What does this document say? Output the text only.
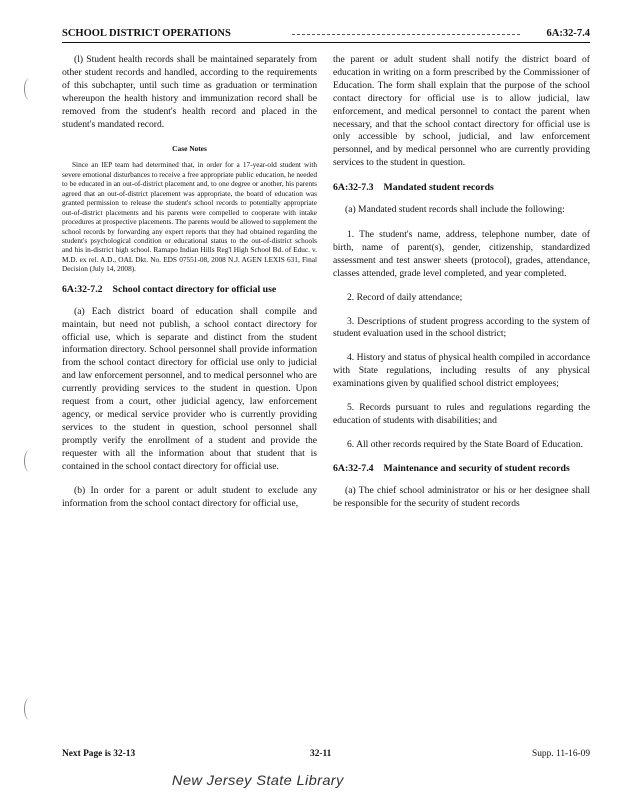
SCHOOL DISTRICT OPERATIONS	6A:32-7.4

(l) Student health records shall be maintained separately from other student records and handled, according to the requirements of this subchapter, until such time as graduation or termination whereupon the health history and immunization record shall be removed from the student's health record and placed in the student's mandated record.

Case Notes

Since an IEP team had determined that, in order for a 17-year-old student with severe emotional disturbances to receive a free appropriate public education, he needed to be educated in an out-of-district placement and, to one degree or another, his parents agreed that an out-of-district placement was appropriate, the board of education was granted permission to release the student's school records to potentially appropriate out-of-district placements and his parents were compelled to cooperate with intake procedures at prospective placements. The parents would be allowed to supplement the school records by forwarding any expert reports that they had obtained regarding the student's psychological condition or educational status to the out-of-district schools and his in-district high school. Ramapo Indian Hills Reg'l High School Bd. of Educ. v. M.D. ex rel. A.D., OAL Dkt. No. EDS 07551-08, 2008 N.J. AGEN LEXIS 631, Final Decision (July 14, 2008).

6A:32-7.2 School contact directory for official use

(a) Each district board of education shall compile and maintain, but need not publish, a school contact directory for official use, which is separate and distinct from the student information directory. School personnel shall provide information from the school contact directory for official use only to judicial and law enforcement personnel, and to medical personnel who are currently providing services to the student in question. Upon request from a court, other judicial agency, law enforcement agency, or medical service provider who is currently providing services to the student in question, school personnel shall promptly verify the enrollment of a student and provide the requester with all the information about that student that is contained in the school contact directory for official use.

(b) In order for a parent or adult student to exclude any information from the school contact directory for official use,

the parent or adult student shall notify the district board of education in writing on a form prescribed by the Commissioner of Education. The form shall explain that the purpose of the school contact directory for official use is to allow judicial, law enforcement, and medical personnel to contact the parent when necessary, and that the school contact directory for official use is only accessible by school, judicial, and law enforcement personnel, and by medical personnel who are currently providing services to the student in question.

6A:32-7.3 Mandated student records

(a) Mandated student records shall include the following:

1. The student's name, address, telephone number, date of birth, name of parent(s), gender, citizenship, standardized assessment and test answer sheets (protocol), grades, attendance, classes attended, grade level completed, and year completed.

2. Record of daily attendance;

3. Descriptions of student progress according to the system of student evaluation used in the school district;

4. History and status of physical health compiled in accordance with State regulations, including results of any physical examinations given by qualified school district employees;

5. Records pursuant to rules and regulations regarding the education of students with disabilities; and

6. All other records required by the State Board of Education.

6A:32-7.4 Maintenance and security of student records

(a) The chief school administrator or his or her designee shall be responsible for the security of student records

Next Page is 32-13	32-11	Supp. 11-16-09
New Jersey State Library
